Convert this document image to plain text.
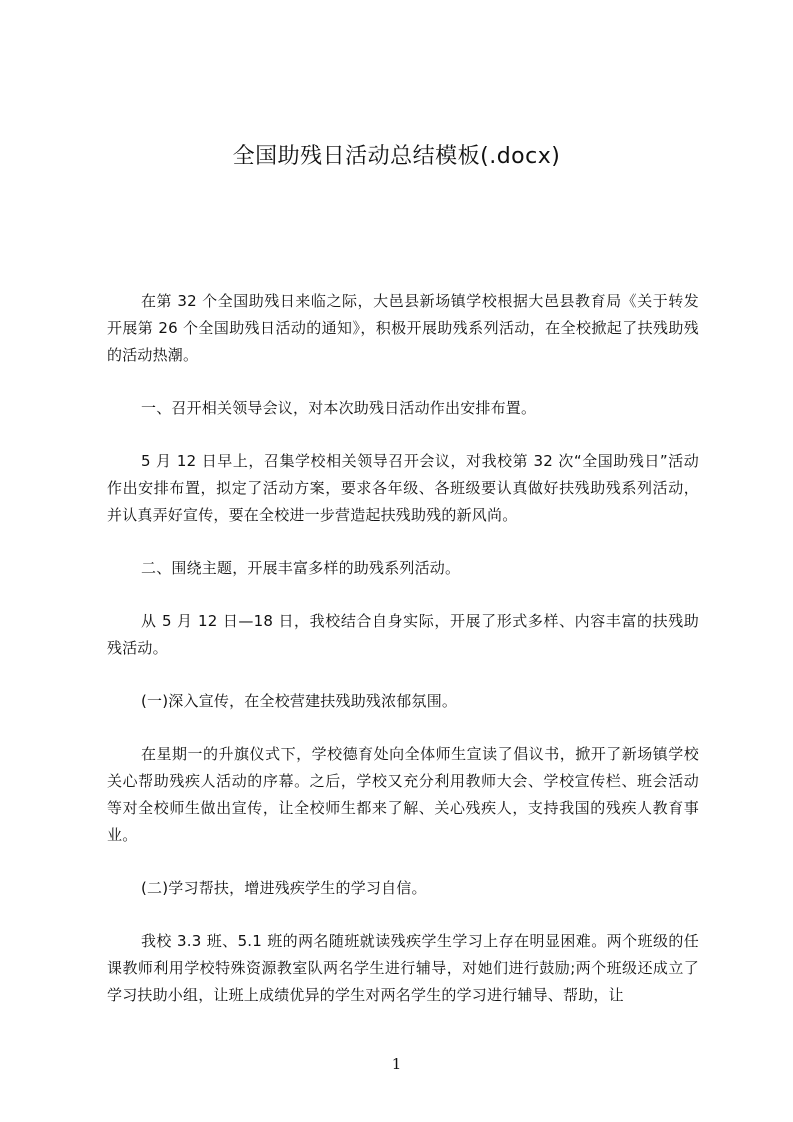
全国助残日活动总结模板(.docx)

在第 32 个全国助残日来临之际，大邑县新场镇学校根据大邑县教育局《关于转发开展第 26 个全国助残日活动的通知》，积极开展助残系列活动，在全校掀起了扶残助残的活动热潮。

一、召开相关领导会议，对本次助残日活动作出安排布置。

5 月 12 日早上，召集学校相关领导召开会议，对我校第 32 次“全国助残日”活动作出安排布置，拟定了活动方案，要求各年级、各班级要认真做好扶残助残系列活动，并认真弄好宣传，要在全校进一步营造起扶残助残的新风尚。

二、围绕主题，开展丰富多样的助残系列活动。

从 5 月 12 日—18 日，我校结合自身实际，开展了形式多样、内容丰富的扶残助残活动。

(一)深入宣传，在全校营建扶残助残浓郁氛围。

在星期一的升旗仪式下，学校德育处向全体师生宣读了倡议书，掀开了新场镇学校关心帮助残疾人活动的序幕。之后，学校又充分利用教师大会、学校宣传栏、班会活动等对全校师生做出宣传，让全校师生都来了解、关心残疾人，支持我国的残疾人教育事业。

(二)学习帮扶，增进残疾学生的学习自信。

我校 3.3 班、5.1 班的两名随班就读残疾学生学习上存在明显困难。两个班级的任课教师利用学校特殊资源教室队两名学生进行辅导，对她们进行鼓励;两个班级还成立了学习扶助小组，让班上成绩优异的学生对两名学生的学习进行辅导、帮助，让

1
